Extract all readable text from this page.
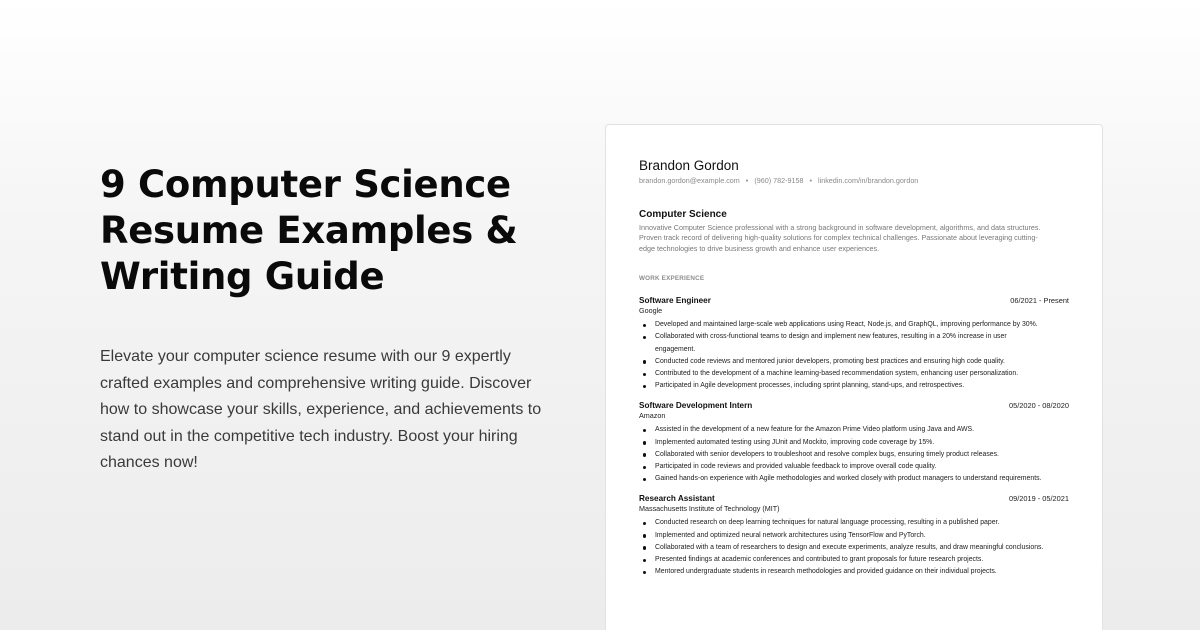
9 Computer Science
Resume Examples &
Writing Guide

Elevate your computer science resume with our 9 expertly crafted examples and comprehensive writing guide. Discover how to showcase your skills, experience, and achievements to stand out in the competitive tech industry. Boost your hiring chances now!

Brandon Gordon
brandon.gordon@example.com • (960) 782-9158 • linkedin.com/in/brandon.gordon
Computer Science
Innovative Computer Science professional with a strong background in software development, algorithms, and data structures. Proven track record of delivering high-quality solutions for complex technical challenges. Passionate about leveraging cutting-edge technologies to drive business growth and enhance user experiences.
WORK EXPERIENCE
Software Engineer	06/2021 - Present
Google
Developed and maintained large-scale web applications using React, Node.js, and GraphQL, improving performance by 30%.
Collaborated with cross-functional teams to design and implement new features, resulting in a 20% increase in user engagement.
Conducted code reviews and mentored junior developers, promoting best practices and ensuring high code quality.
Contributed to the development of a machine learning-based recommendation system, enhancing user personalization.
Participated in Agile development processes, including sprint planning, stand-ups, and retrospectives.
Software Development Intern	05/2020 - 08/2020
Amazon
Assisted in the development of a new feature for the Amazon Prime Video platform using Java and AWS.
Implemented automated testing using JUnit and Mockito, improving code coverage by 15%.
Collaborated with senior developers to troubleshoot and resolve complex bugs, ensuring timely product releases.
Participated in code reviews and provided valuable feedback to improve overall code quality.
Gained hands-on experience with Agile methodologies and worked closely with product managers to understand requirements.
Research Assistant	09/2019 - 05/2021
Massachusetts Institute of Technology (MIT)
Conducted research on deep learning techniques for natural language processing, resulting in a published paper.
Implemented and optimized neural network architectures using TensorFlow and PyTorch.
Collaborated with a team of researchers to design and execute experiments, analyze results, and draw meaningful conclusions.
Presented findings at academic conferences and contributed to grant proposals for future research projects.
Mentored undergraduate students in research methodologies and provided guidance on their individual projects.
